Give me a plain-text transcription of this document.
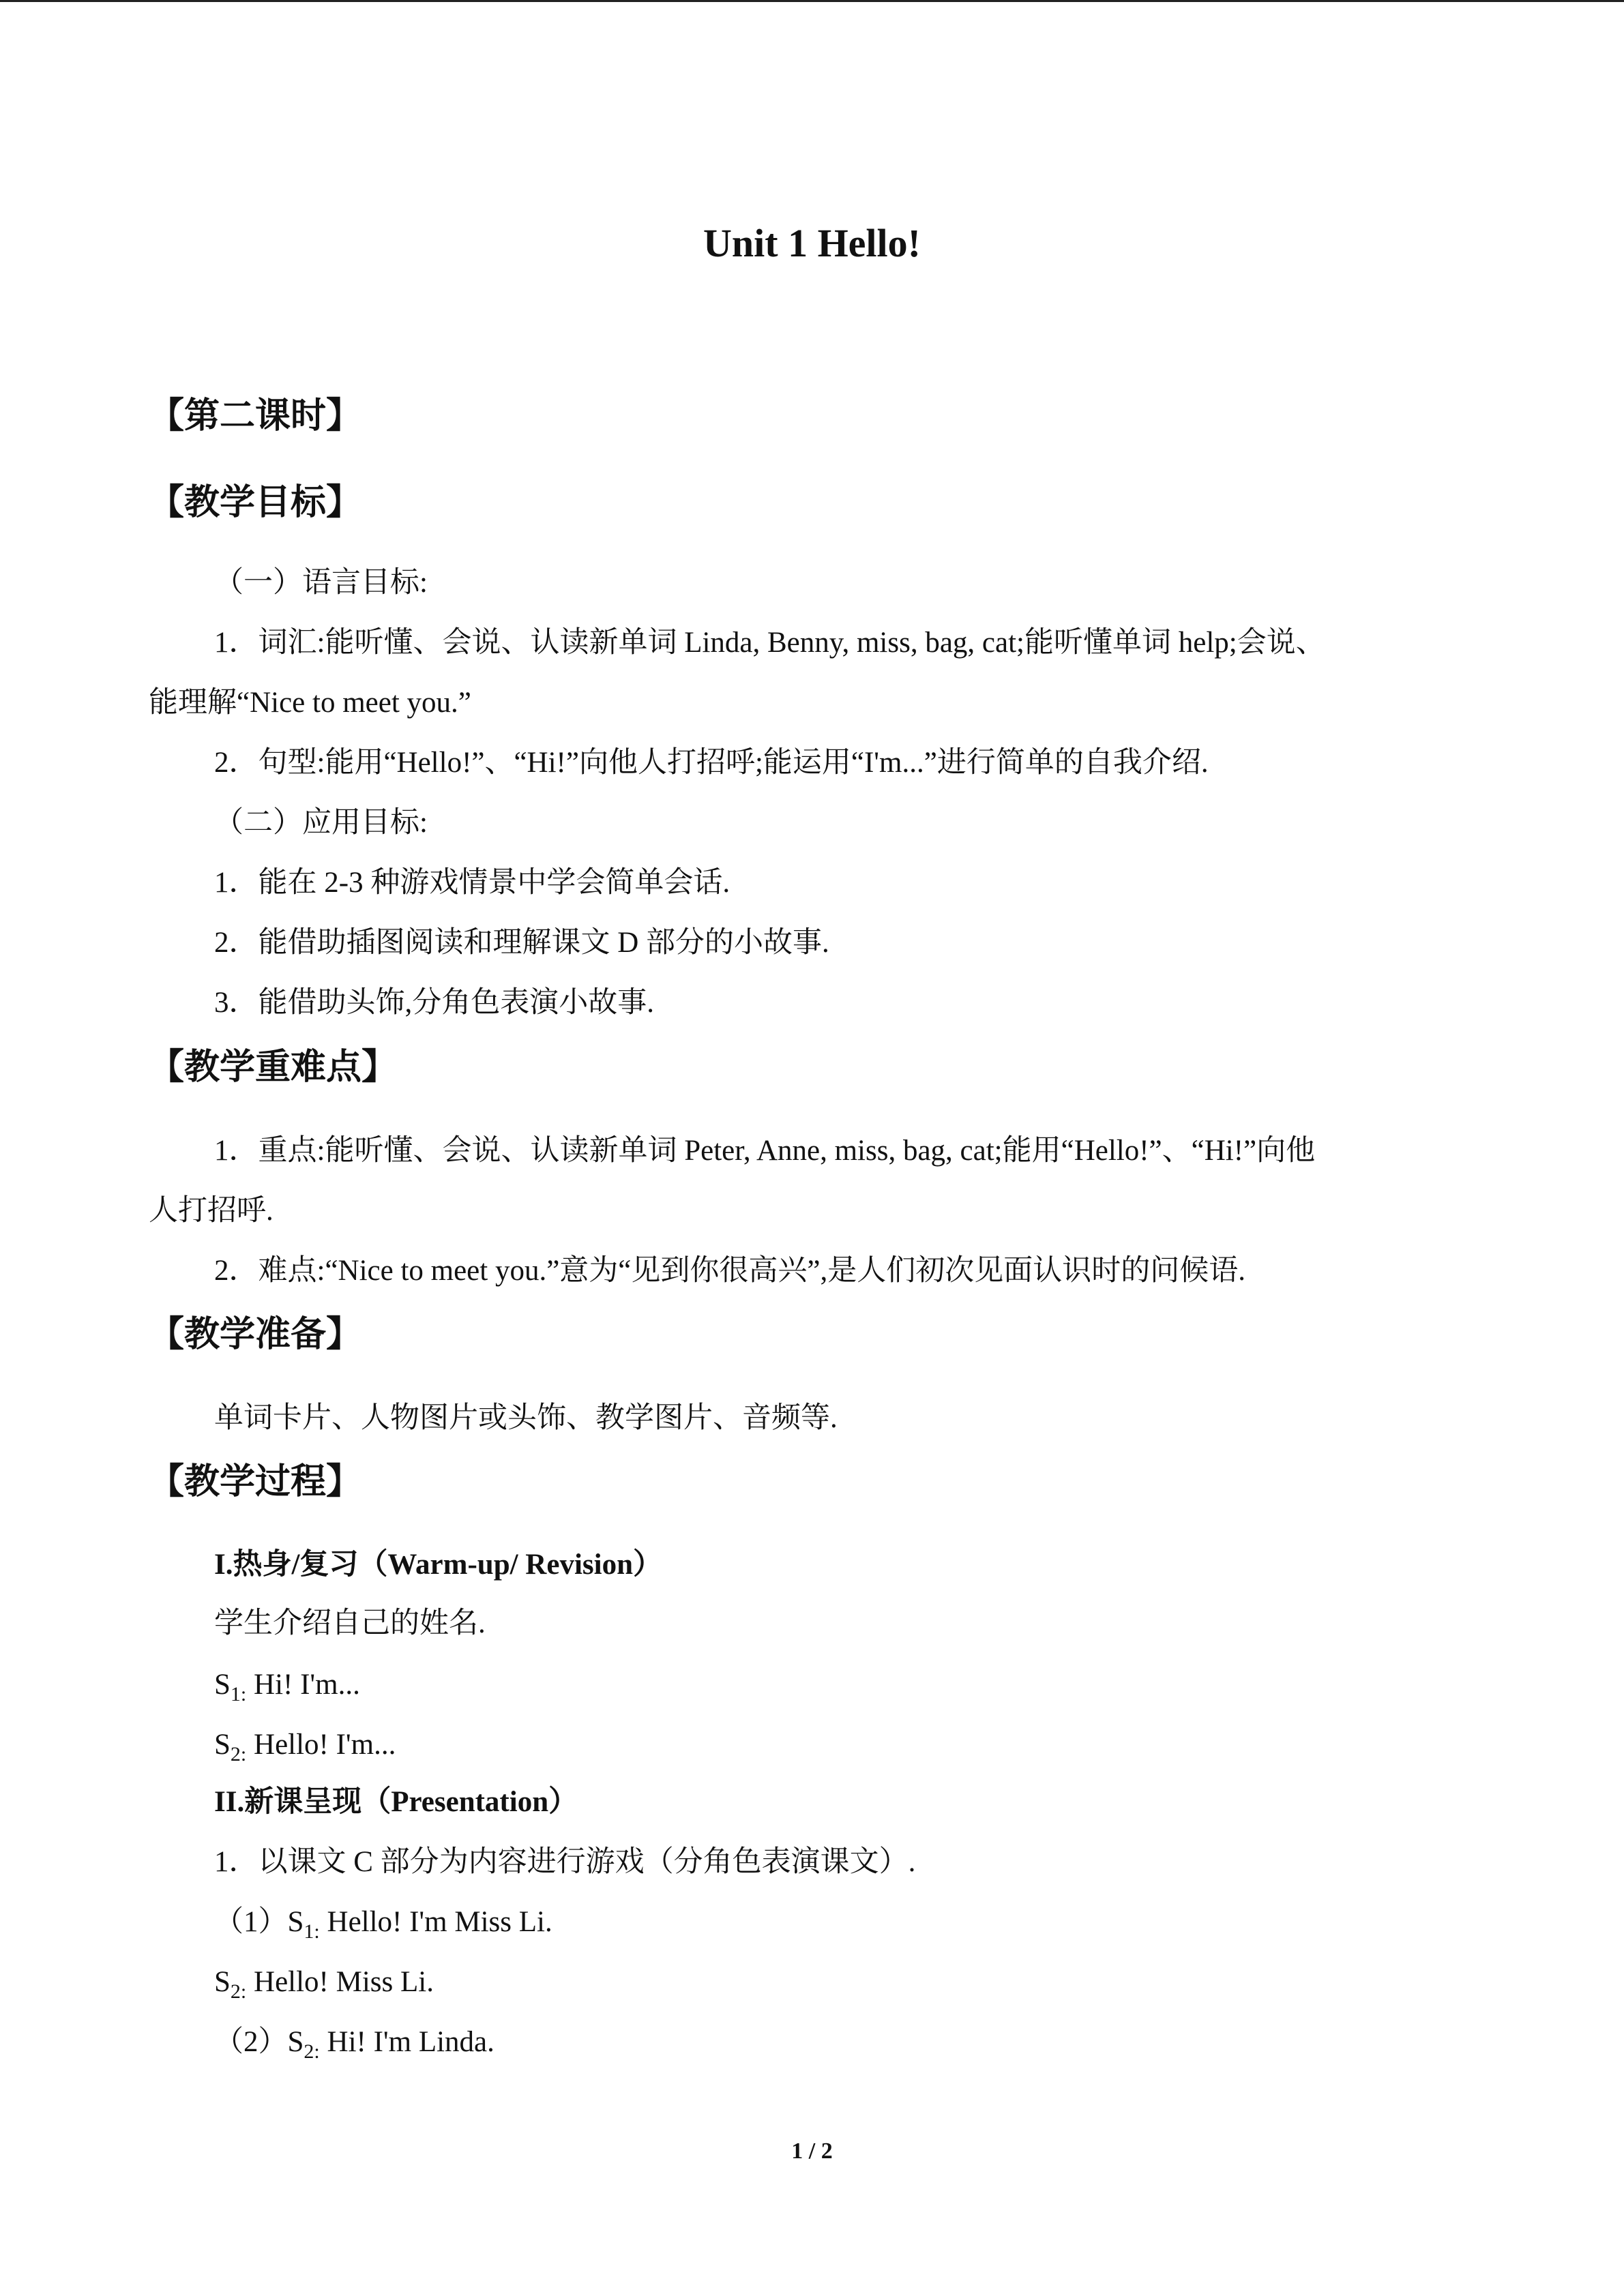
Unit 1 Hello!
【第二课时】
【教学目标】
（一）语言目标:
1．词汇:能听懂、会说、认读新单词 Linda, Benny, miss, bag, cat;能听懂单词 help;会说、
能理解“Nice to meet you.”
2．句型:能用“Hello!”、“Hi!”向他人打招呼;能运用“I'm...”进行简单的自我介绍.
（二）应用目标:
1．能在 2-3 种游戏情景中学会简单会话.
2．能借助插图阅读和理解课文 D 部分的小故事.
3．能借助头饰,分角色表演小故事.
【教学重难点】
1．重点:能听懂、会说、认读新单词 Peter, Anne, miss, bag, cat;能用“Hello!”、“Hi!”向他
人打招呼.
2．难点:“Nice to meet you.”意为“见到你很高兴”,是人们初次见面认识时的问候语.
【教学准备】
单词卡片、人物图片或头饰、教学图片、音频等.
【教学过程】
I.热身/复习（Warm-up/ Revision）
学生介绍自己的姓名.
$S_{1:}$ Hi! I'm...
$S_{2:}$ Hello! I'm...
II.新课呈现（Presentation）
1．以课文 C 部分为内容进行游戏（分角色表演课文）.
$(1)S_{1:}$ Hello! I'm Miss Li.
$S_{2:}$ Hello! Miss Li.
$(2)S_{2:}$ Hi! I'm Linda.
1 / 2
